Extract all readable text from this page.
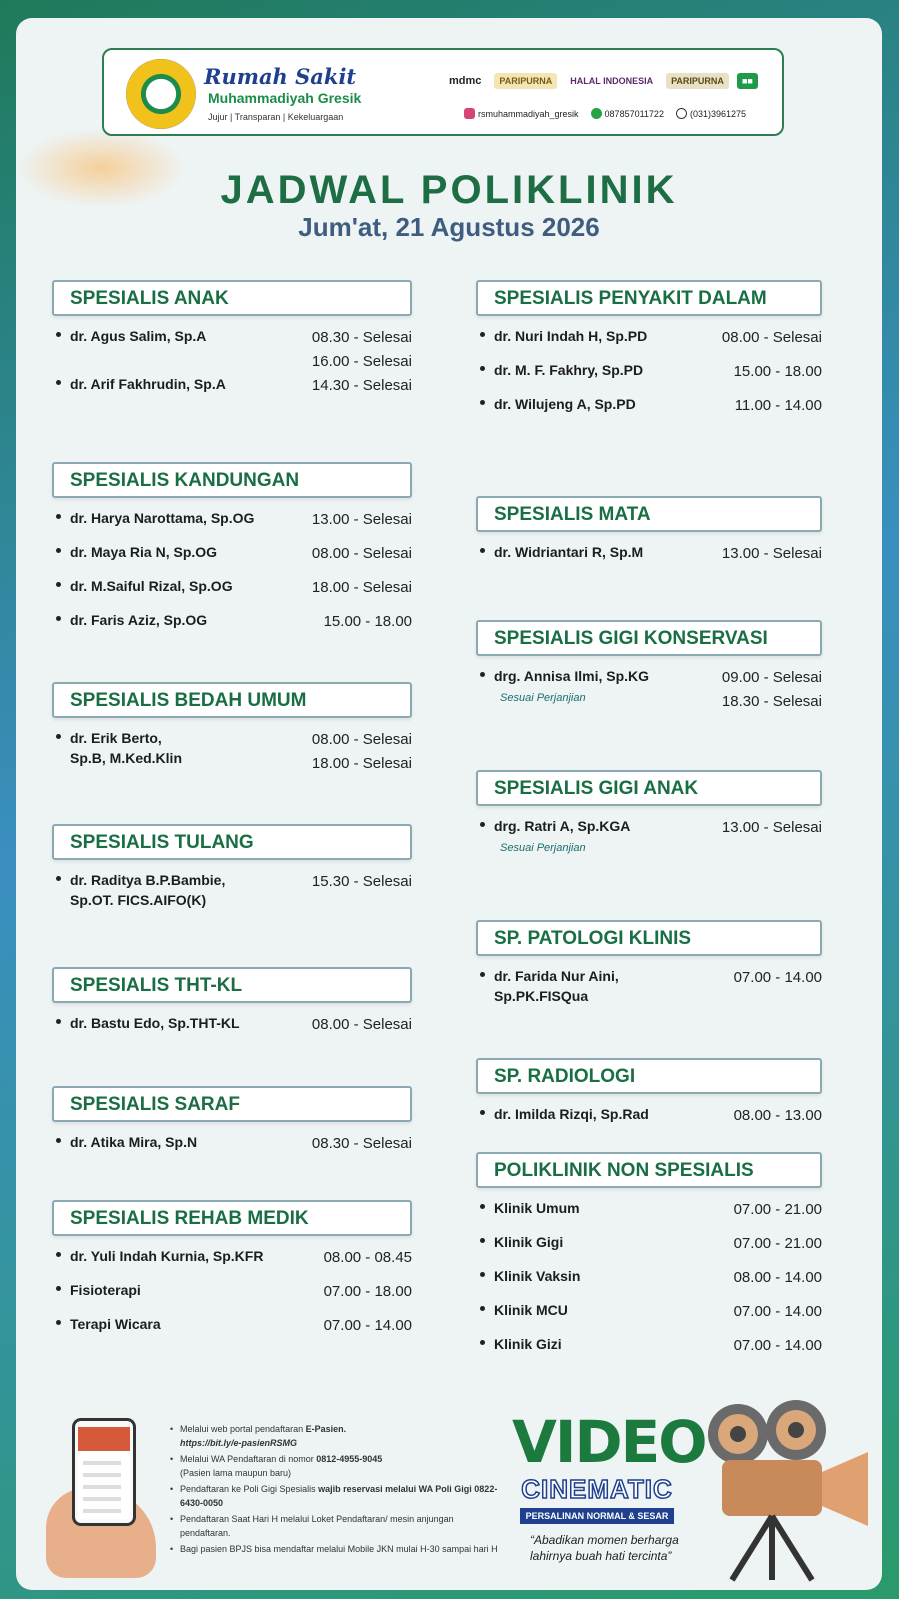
Rumah Sakit
Muhammadiyah Gresik
Jujur | Transparan | Kekeluargaan
mdmc	PARIPURNA	HALAL INDONESIA	PARIPURNA	■■
rsmuhammadiyah_gresik	087857011722	(031)3961275
JADWAL POLIKLINIK
Jum'at, 21 Agustus 2026
SPESIALIS ANAK
dr. Agus Salim, Sp.A	08.30 - Selesai
16.00 - Selesai
dr. Arif Fakhrudin, Sp.A	14.30 - Selesai
SPESIALIS KANDUNGAN
dr. Harya Narottama, Sp.OG	13.00 - Selesai
dr. Maya Ria N, Sp.OG	08.00 - Selesai
dr. M.Saiful Rizal, Sp.OG	18.00 - Selesai
dr. Faris Aziz, Sp.OG	15.00 - 18.00
SPESIALIS BEDAH UMUM
dr. Erik Berto,
Sp.B, M.Ked.Klin
08.00 - Selesai
18.00 - Selesai
SPESIALIS TULANG
dr. Raditya B.P.Bambie,
Sp.OT. FICS.AIFO(K)
15.30 - Selesai
SPESIALIS THT-KL
dr. Bastu Edo, Sp.THT-KL	08.00 - Selesai
SPESIALIS SARAF
dr. Atika Mira, Sp.N	08.30 - Selesai
SPESIALIS REHAB MEDIK
dr. Yuli Indah Kurnia, Sp.KFR	08.00 - 08.45
Fisioterapi	07.00 - 18.00
Terapi Wicara	07.00 - 14.00
SPESIALIS PENYAKIT DALAM
dr. Nuri Indah H, Sp.PD	08.00 - Selesai
dr. M. F. Fakhry, Sp.PD	15.00 - 18.00
dr. Wilujeng A, Sp.PD	11.00 - 14.00
SPESIALIS MATA
dr. Widriantari R, Sp.M	13.00 - Selesai
SPESIALIS GIGI KONSERVASI
drg. Annisa Ilmi, Sp.KG	09.00 - Selesai
18.30 - Selesai
Sesuai Perjanjian
SPESIALIS GIGI ANAK
drg. Ratri A, Sp.KGA	13.00 - Selesai
Sesuai Perjanjian
SP. PATOLOGI KLINIS
dr. Farida Nur Aini,
Sp.PK.FISQua
07.00 - 14.00
SP. RADIOLOGI
dr. Imilda Rizqi, Sp.Rad	08.00 - 13.00
POLIKLINIK NON SPESIALIS
Klinik Umum	07.00 - 21.00
Klinik Gigi	07.00 - 21.00
Klinik Vaksin	08.00 - 14.00
Klinik MCU	07.00 - 14.00
Klinik Gizi	07.00 - 14.00
• Melalui web portal pendaftaran E-Pasien.
https://bit.ly/e-pasienRSMG
• Melalui WA Pendaftaran di nomor 0812-4955-9045
(Pasien lama maupun baru)
• Pendaftaran ke Poli Gigi Spesialis wajib reservasi melalui WA Poli Gigi 0822-6430-0050
• Pendaftaran Saat Hari H melalui Loket Pendaftaran/ mesin anjungan pendaftaran.
• Bagi pasien BPJS bisa mendaftar melalui Mobile JKN mulai H-30 sampai hari H
VIDEO
CINEMATIC
PERSALINAN NORMAL & SESAR
“Abadikan momen berharga lahirnya buah hati tercinta”
